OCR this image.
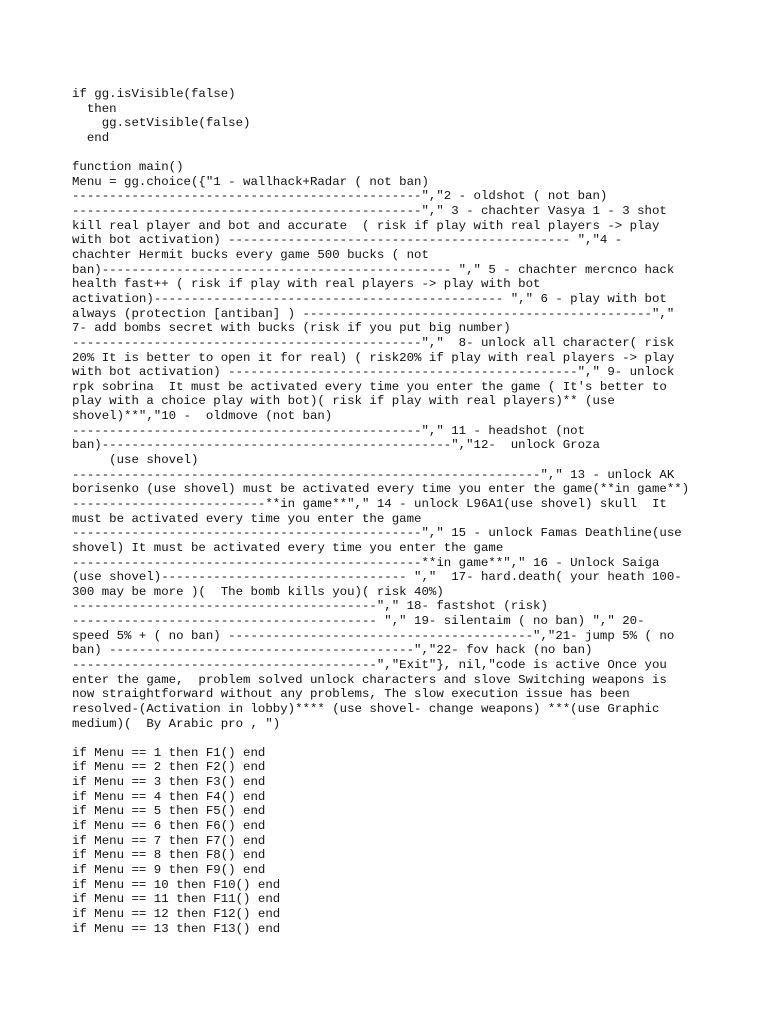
if gg.isVisible(false)
then
gg.setVisible(false)
end
function main()
Menu = gg.choice({"1 - wallhack+Radar ( not ban)
-----------------------------------------------","2 - oldshot ( not ban)
-----------------------------------------------"," 3 - chachter Vasya 1 - 3 shot
kill real player and bot and accurate  ( risk if play with real players -> play
with bot activation) ---------------------------------------------- ","4 -
chachter Hermit bucks every game 500 bucks ( not
ban)----------------------------------------------- "," 5 - chachter mercnco hack
health fast++ ( risk if play with real players -> play with bot
activation)----------------------------------------------- "," 6 - play with bot
always (protection [antiban] ) -----------------------------------------------","
7- add bombs secret with bucks (risk if you put big number)
-----------------------------------------------","  8- unlock all character( risk
20% It is better to open it for real) ( risk20% if play with real players -> play
with bot activation) -----------------------------------------------"," 9- unlock
rpk sobrina  It must be activated every time you enter the game ( It's better to
play with a choice play with bot)( risk if play with real players)** (use
shovel)**","10 -  oldmove (not ban)
-----------------------------------------------"," 11 - headshot (not
ban)-----------------------------------------------","12-  unlock Groza
(use shovel)
---------------------------------------------------------------"," 13 - unlock AK
borisenko (use shovel) must be activated every time you enter the game(**in game**)
--------------------------**in game**"," 14 - unlock L96A1(use shovel) skull  It
must be activated every time you enter the game
-----------------------------------------------"," 15 - unlock Famas Deathline(use
shovel) It must be activated every time you enter the game
-----------------------------------------------**in game**"," 16 - Unlock Saiga
(use shovel)--------------------------------- ","  17- hard.death( your heath 100-
300 may be more )(  The bomb kills you)( risk 40%)
-----------------------------------------"," 18- fastshot (risk)
----------------------------------------- "," 19- silentaim ( no ban) "," 20-
speed 5% + ( no ban) -----------------------------------------","21- jump 5% ( no
ban) -----------------------------------------","22- fov hack (no ban)
-----------------------------------------","Exit"}, nil,"code is active Once you
enter the game,  problem solved unlock characters and slove Switching weapons is
now straightforward without any problems, The slow execution issue has been
resolved-(Activation in lobby)**** (use shovel- change weapons) ***(use Graphic
medium)(  By Arabic pro , ")
if Menu == 1 then F1() end
if Menu == 2 then F2() end
if Menu == 3 then F3() end
if Menu == 4 then F4() end
if Menu == 5 then F5() end
if Menu == 6 then F6() end
if Menu == 7 then F7() end
if Menu == 8 then F8() end
if Menu == 9 then F9() end
if Menu == 10 then F10() end
if Menu == 11 then F11() end
if Menu == 12 then F12() end
if Menu == 13 then F13() end
